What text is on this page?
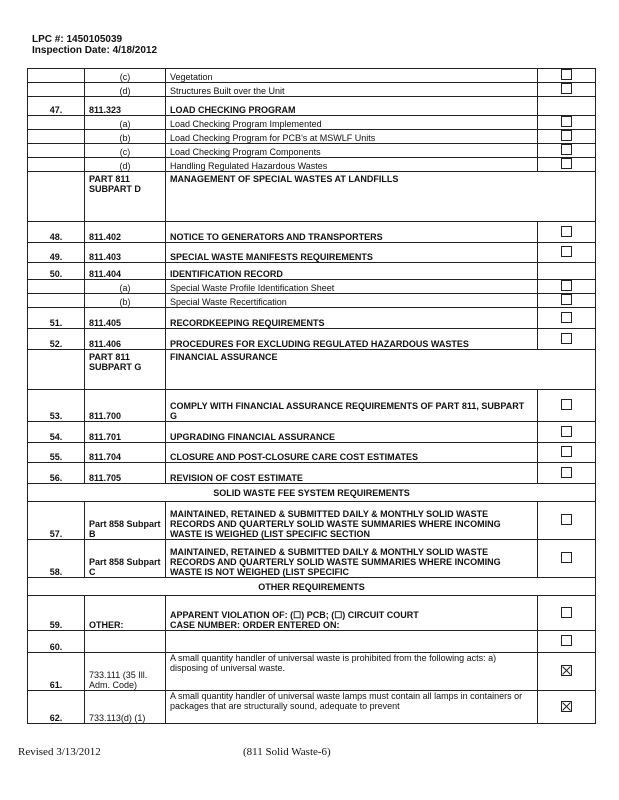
LPC #: 1450105039
Inspection Date: 4/18/2012
	(c)	Vegetation	
	(d)	Structures Built over the Unit	
47.	811.323	LOAD CHECKING PROGRAM	
	(a)	Load Checking Program Implemented	
	(b)	Load Checking Program for PCB's at MSWLF Units	
	(c)	Load Checking Program Components	
	(d)	Handling Regulated Hazardous Wastes	
	PART 811 SUBPART D	MANAGEMENT OF SPECIAL WASTES AT LANDFILLS	
48.	811.402	NOTICE TO GENERATORS AND TRANSPORTERS	
49.	811.403	SPECIAL WASTE MANIFESTS REQUIREMENTS	
50.	811.404	IDENTIFICATION RECORD	
	(a)	Special Waste Profile Identification Sheet	
	(b)	Special Waste Recertification	
51.	811.405	RECORDKEEPING REQUIREMENTS	
52.	811.406	PROCEDURES FOR EXCLUDING REGULATED HAZARDOUS WASTES	
	PART 811 SUBPART G	FINANCIAL ASSURANCE	
53.	811.700	COMPLY WITH FINANCIAL ASSURANCE REQUIREMENTS OF PART 811, SUBPART G	
54.	811.701	UPGRADING FINANCIAL ASSURANCE	
55.	811.704	CLOSURE AND POST-CLOSURE CARE COST ESTIMATES	
56.	811.705	REVISION OF COST ESTIMATE	
SOLID WASTE FEE SYSTEM REQUIREMENTS			
57.	Part 858 Subpart B	MAINTAINED, RETAINED & SUBMITTED DAILY & MONTHLY SOLID WASTE RECORDS AND QUARTERLY SOLID WASTE SUMMARIES WHERE INCOMING WASTE IS WEIGHED (LIST SPECIFIC SECTION	
58.	Part 858 Subpart C	MAINTAINED, RETAINED & SUBMITTED DAILY & MONTHLY SOLID WASTE RECORDS AND QUARTERLY SOLID WASTE SUMMARIES WHERE INCOMING WASTE IS NOT WEIGHED (LIST SPECIFIC	
OTHER REQUIREMENTS			
59.	OTHER:	APPARENT VIOLATION OF: (☐) PCB; (☐) CIRCUIT COURT
CASE NUMBER: ORDER ENTERED ON:	
60.			
61.	733.111 (35 Ill. Adm. Code)	A small quantity handler of universal waste is prohibited from the following acts: a) disposing of universal waste.	
62.	733.113(d) (1)	A small quantity handler of universal waste lamps must contain all lamps in containers or packages that are structurally sound, adequate to prevent	
Revised 3/13/2012	(811 Solid Waste-6)
